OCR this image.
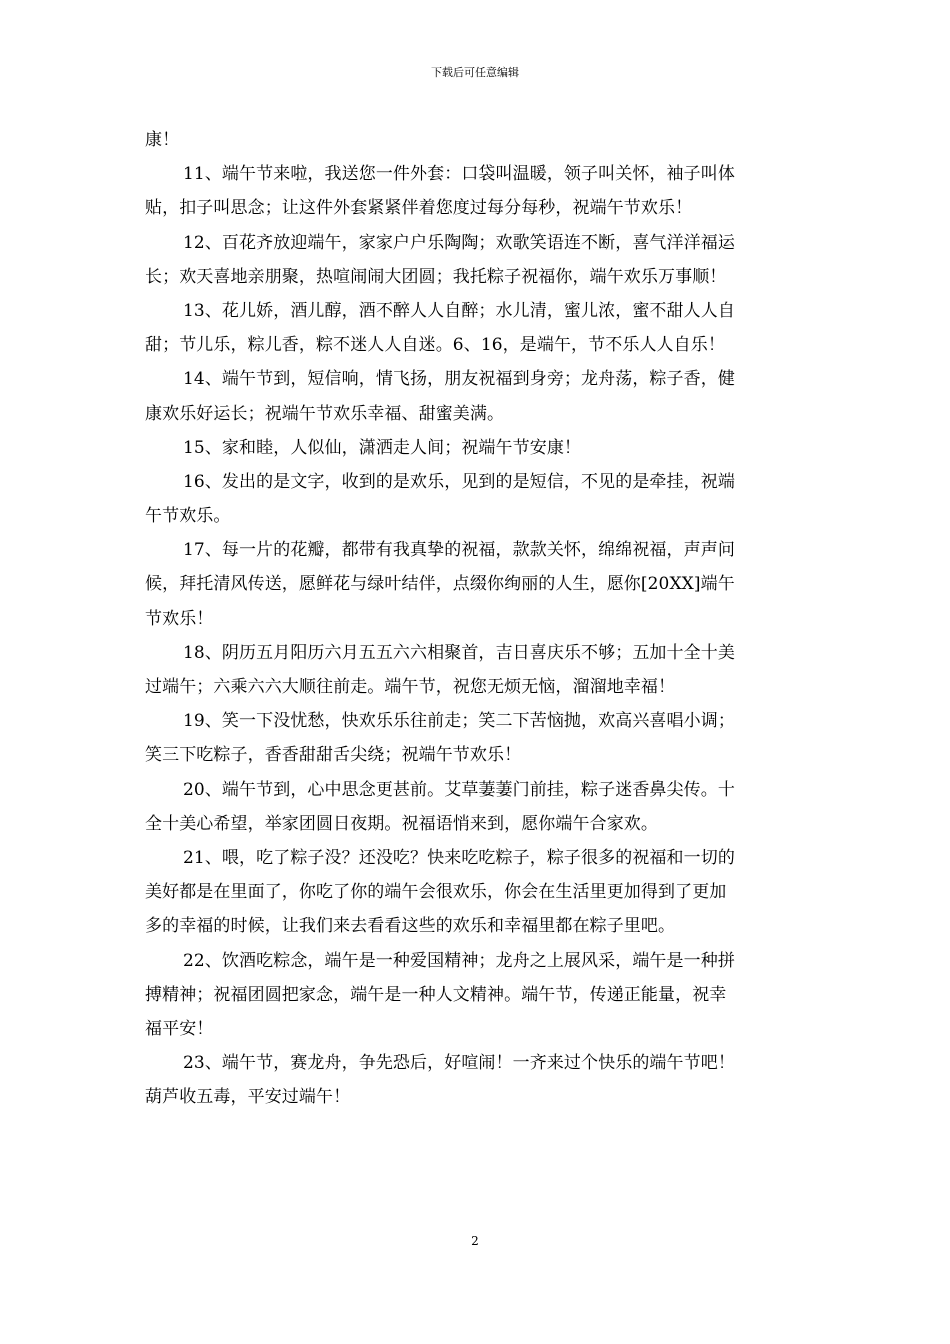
下载后可任意编辑
康！
11、端午节来啦，我送您一件外套：口袋叫温暖，领子叫关怀，袖子叫体
贴，扣子叫思念；让这件外套紧紧伴着您度过每分每秒，祝端午节欢乐！
12、百花齐放迎端午，家家户户乐陶陶；欢歌笑语连不断，喜气洋洋福运
长；欢天喜地亲朋聚，热喧闹闹大团圆；我托粽子祝福你，端午欢乐万事顺！
13、花儿娇，酒儿醇，酒不醉人人自醉；水儿清，蜜儿浓，蜜不甜人人自
甜；节儿乐，粽儿香，粽不迷人人自迷。6、16，是端午，节不乐人人自乐！
14、端午节到，短信响，情飞扬，朋友祝福到身旁；龙舟荡，粽子香，健
康欢乐好运长；祝端午节欢乐幸福、甜蜜美满。
15、家和睦，人似仙，潇洒走人间；祝端午节安康！
16、发出的是文字，收到的是欢乐，见到的是短信，不见的是牵挂，祝端
午节欢乐。
17、每一片的花瓣，都带有我真挚的祝福，款款关怀，绵绵祝福，声声问
候，拜托清风传送，愿鲜花与绿叶结伴，点缀你绚丽的人生，愿你[20XX]端午
节欢乐！
18、阴历五月阳历六月五五六六相聚首，吉日喜庆乐不够；五加十全十美
过端午；六乘六六大顺往前走。端午节，祝您无烦无恼，溜溜地幸福！
19、笑一下没忧愁，快欢乐乐往前走；笑二下苦恼抛，欢高兴喜唱小调；
笑三下吃粽子，香香甜甜舌尖绕；祝端午节欢乐！
20、端午节到，心中思念更甚前。艾草萋萋门前挂，粽子迷香鼻尖传。十
全十美心希望，举家团圆日夜期。祝福语悄来到，愿你端午合家欢。
21、喂，吃了粽子没？还没吃？快来吃吃粽子，粽子很多的祝福和一切的
美好都是在里面了，你吃了你的端午会很欢乐，你会在生活里更加得到了更加
多的幸福的时候，让我们来去看看这些的欢乐和幸福里都在粽子里吧。
22、饮酒吃粽念，端午是一种爱国精神；龙舟之上展风采，端午是一种拼
搏精神；祝福团圆把家念，端午是一种人文精神。端午节，传递正能量，祝幸
福平安！
23、端午节，赛龙舟，争先恐后，好喧闹！一齐来过个快乐的端午节吧！
葫芦收五毒，平安过端午！
2
